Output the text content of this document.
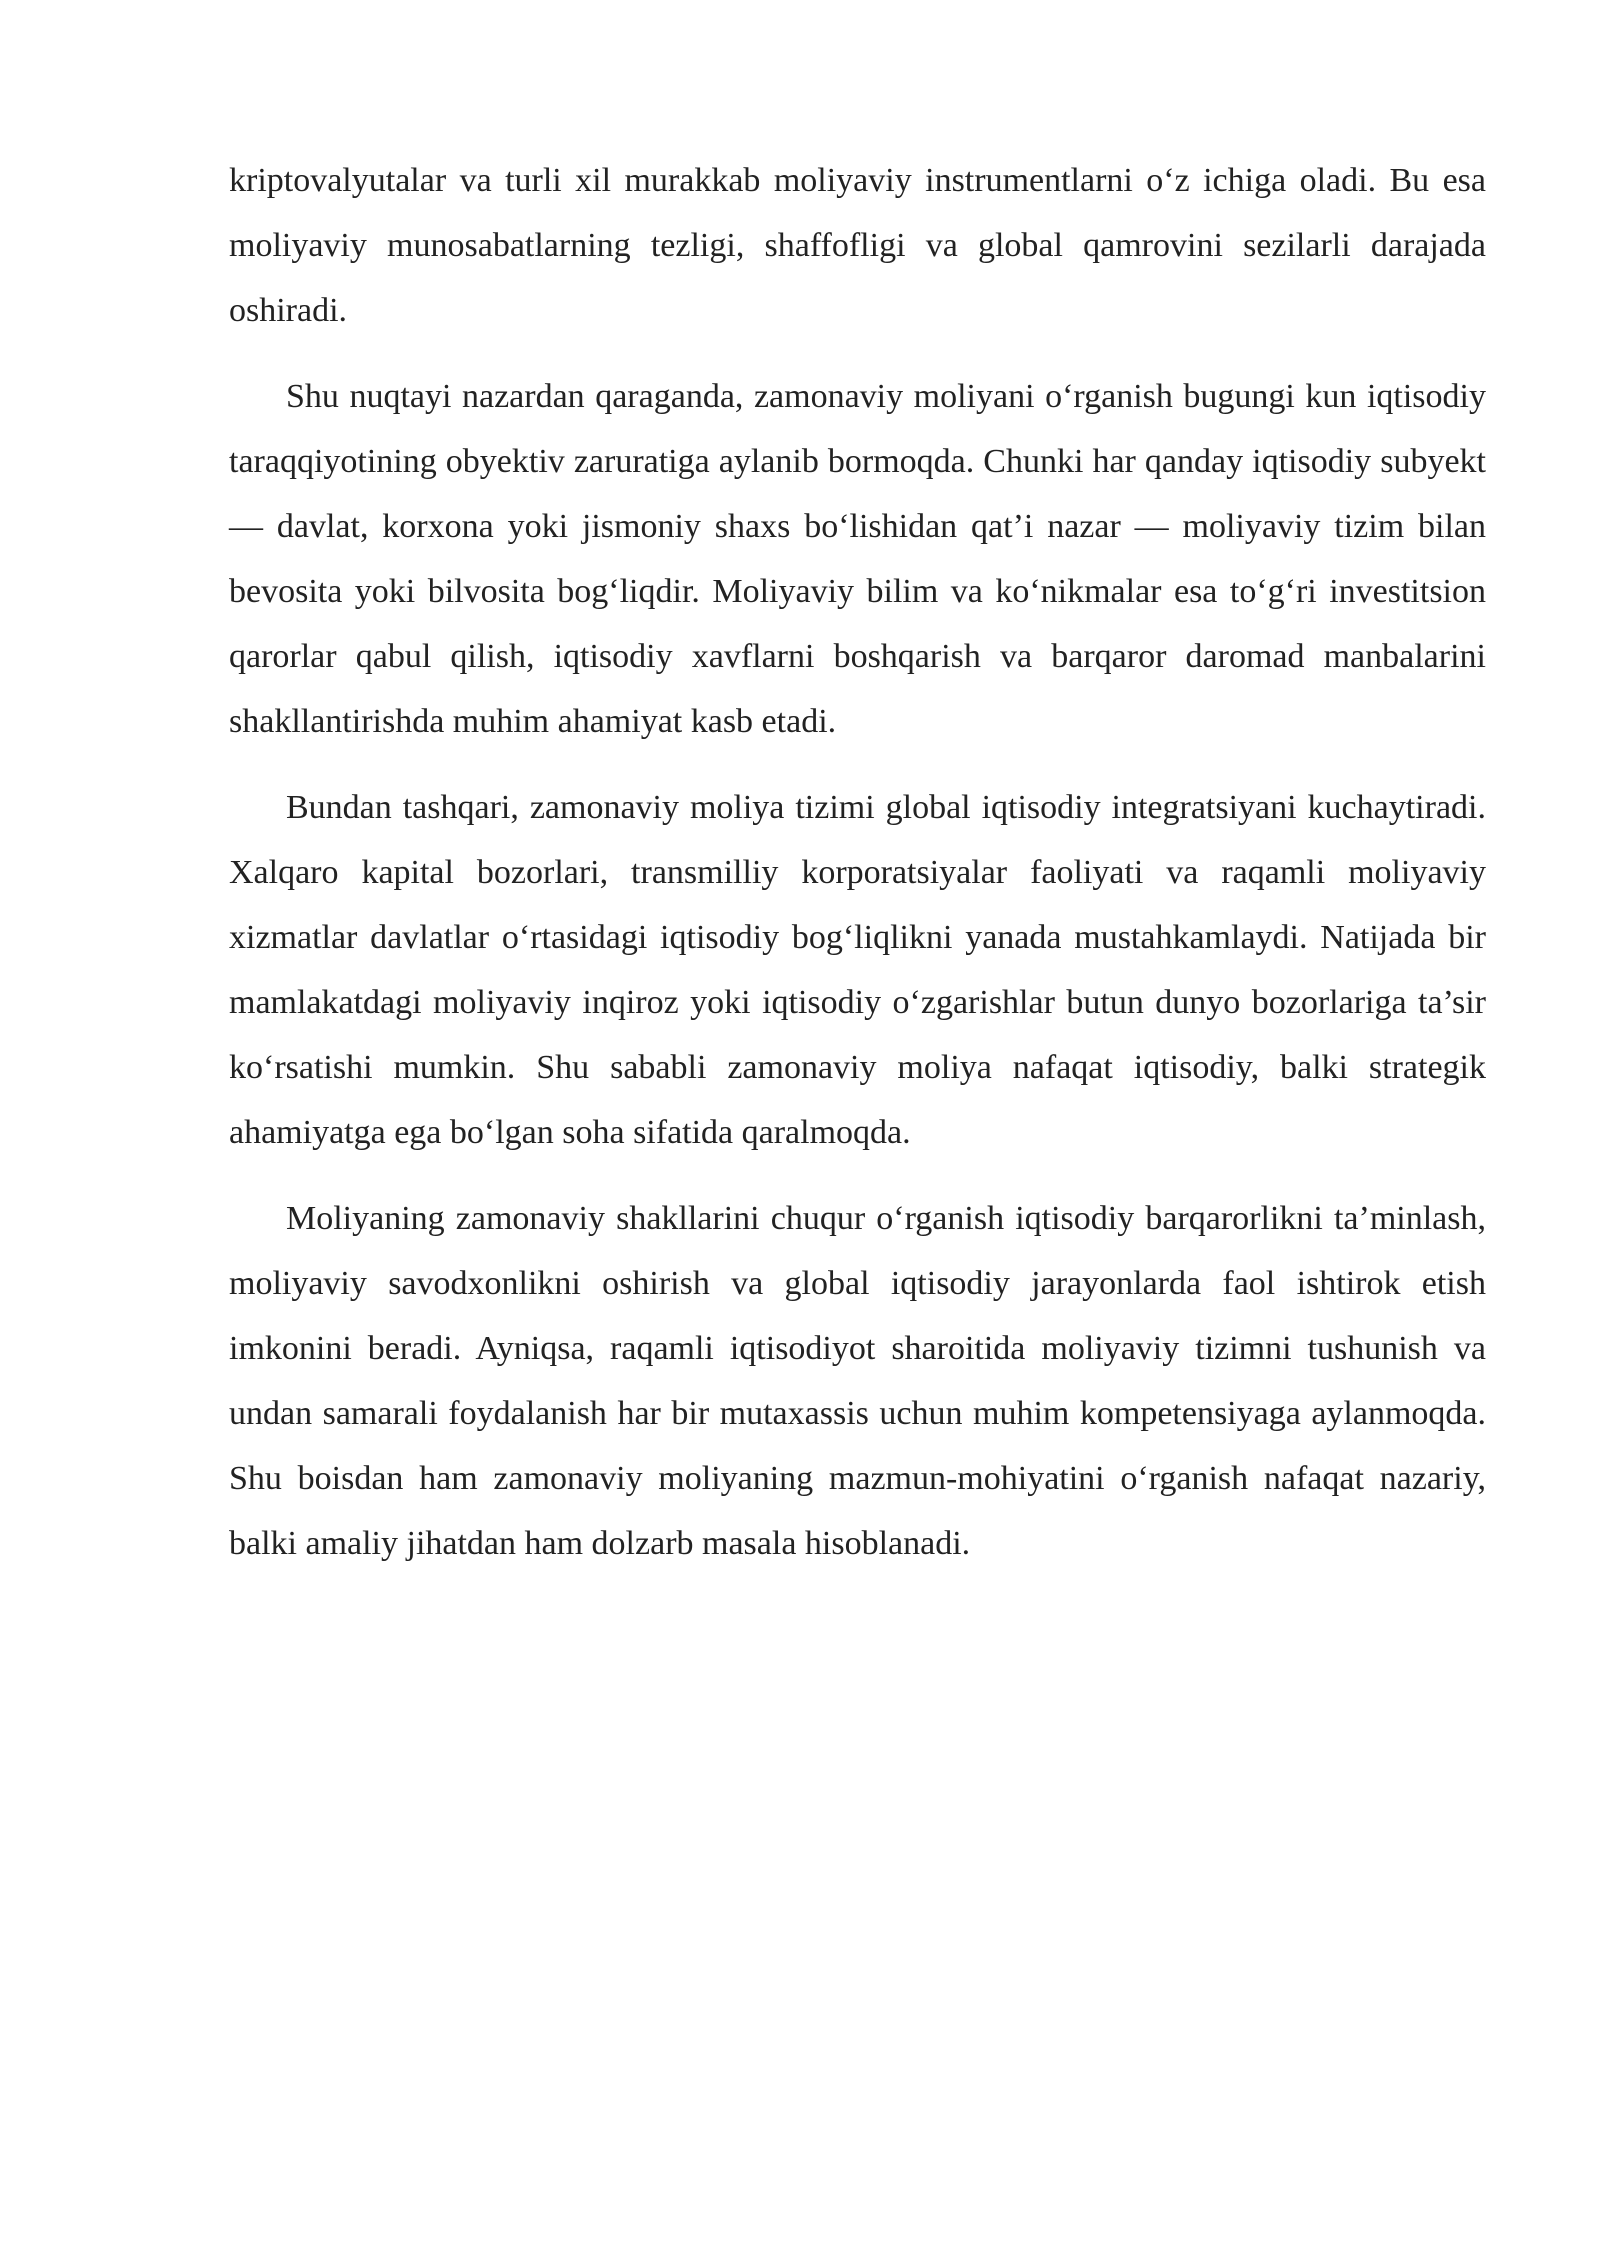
kriptovalyutalar va turli xil murakkab moliyaviy instrumentlarni o‘z ichiga oladi. Bu esa moliyaviy munosabatlarning tezligi, shaffofligi va global qamrovini sezilarli darajada oshiradi.

Shu nuqtayi nazardan qaraganda, zamonaviy moliyani o‘rganish bugungi kun iqtisodiy taraqqiyotining obyektiv zaruratiga aylanib bormoqda. Chunki har qanday iqtisodiy subyekt — davlat, korxona yoki jismoniy shaxs bo‘lishidan qat’i nazar — moliyaviy tizim bilan bevosita yoki bilvosita bog‘liqdir. Moliyaviy bilim va ko‘nikmalar esa to‘g‘ri investitsion qarorlar qabul qilish, iqtisodiy xavflarni boshqarish va barqaror daromad manbalarini shakllantirishda muhim ahamiyat kasb etadi.

Bundan tashqari, zamonaviy moliya tizimi global iqtisodiy integratsiyani kuchaytiradi. Xalqaro kapital bozorlari, transmilliy korporatsiyalar faoliyati va raqamli moliyaviy xizmatlar davlatlar o‘rtasidagi iqtisodiy bog‘liqlikni yanada mustahkamlaydi. Natijada bir mamlakatdagi moliyaviy inqiroz yoki iqtisodiy o‘zgarishlar butun dunyo bozorlariga ta’sir ko‘rsatishi mumkin. Shu sababli zamonaviy moliya nafaqat iqtisodiy, balki strategik ahamiyatga ega bo‘lgan soha sifatida qaralmoqda.

Moliyaning zamonaviy shakllarini chuqur o‘rganish iqtisodiy barqarorlikni ta’minlash, moliyaviy savodxonlikni oshirish va global iqtisodiy jarayonlarda faol ishtirok etish imkonini beradi. Ayniqsa, raqamli iqtisodiyot sharoitida moliyaviy tizimni tushunish va undan samarali foydalanish har bir mutaxassis uchun muhim kompetensiyaga aylanmoqda. Shu boisdan ham zamonaviy moliyaning mazmun-mohiyatini o‘rganish nafaqat nazariy, balki amaliy jihatdan ham dolzarb masala hisoblanadi.
